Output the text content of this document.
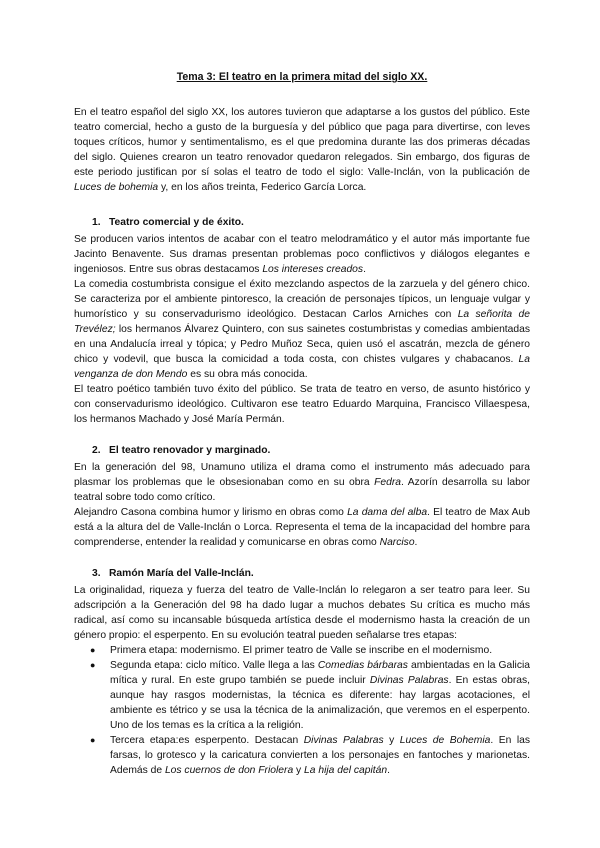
Tema 3: El teatro en la primera mitad del siglo XX.

En el teatro español del siglo XX, los autores tuvieron que adaptarse a los gustos del público. Este teatro comercial, hecho a gusto de la burguesía y del público que paga para divertirse, con leves toques críticos, humor y sentimentalismo, es el que predomina durante las dos primeras décadas del siglo. Quienes crearon un teatro renovador quedaron relegados. Sin embargo, dos figuras de este periodo justifican por sí solas el teatro de todo el siglo: Valle-Inclán, von la publicación de Luces de bohemia y, en los años treinta, Federico García Lorca.

1. Teatro comercial y de éxito.

Se producen varios intentos de acabar con el teatro melodramático y el autor más importante fue Jacinto Benavente. Sus dramas presentan problemas poco conflictivos y diálogos elegantes e ingeniosos. Entre sus obras destacamos Los intereses creados.

La comedia costumbrista consigue el éxito mezclando aspectos de la zarzuela y del género chico. Se caracteriza por el ambiente pintoresco, la creación de personajes típicos, un lenguaje vulgar y humorístico y su conservadurismo ideológico. Destacan Carlos Arniches con La señorita de Trevélez; los hermanos Álvarez Quintero, con sus sainetes costumbristas y comedias ambientadas en una Andalucía irreal y tópica; y Pedro Muñoz Seca, quien usó el ascatrán, mezcla de género chico y vodevil, que busca la comicidad a toda costa, con chistes vulgares y chabacanos. La venganza de don Mendo es su obra más conocida.

El teatro poético también tuvo éxito del público. Se trata de teatro en verso, de asunto histórico y con conservadurismo ideológico. Cultivaron ese teatro Eduardo Marquina, Francisco Villaespesa, los hermanos Machado y José María Permán.

2. El teatro renovador y marginado.

En la generación del 98, Unamuno utiliza el drama como el instrumento más adecuado para plasmar los problemas que le obsesionaban como en su obra Fedra. Azorín desarrolla su labor teatral sobre todo como crítico.

Alejandro Casona combina humor y lirismo en obras como La dama del alba. El teatro de Max Aub está a la altura del de Valle-Inclán o Lorca. Representa el tema de la incapacidad del hombre para comprenderse, entender la realidad y comunicarse en obras como Narciso.

3. Ramón María del Valle-Inclán.

La originalidad, riqueza y fuerza del teatro de Valle-Inclán lo relegaron a ser teatro para leer. Su adscripción a la Generación del 98 ha dado lugar a muchos debates Su crítica es mucho más radical, así como su incansable búsqueda artística desde el modernismo hasta la creación de un género propio: el esperpento. En su evolución teatral pueden señalarse tres etapas:

● Primera etapa: modernismo. El primer teatro de Valle se inscribe en el modernismo.
● Segunda etapa: ciclo mítico. Valle llega a las Comedias bárbaras ambientadas en la Galicia mítica y rural. En este grupo también se puede incluir Divinas Palabras. En estas obras, aunque hay rasgos modernistas, la técnica es diferente: hay largas acotaciones, el ambiente es tétrico y se usa la técnica de la animalización, que veremos en el esperpento. Uno de los temas es la crítica a la religión.
● Tercera etapa:es esperpento. Destacan Divinas Palabras y Luces de Bohemia. En las farsas, lo grotesco y la caricatura convierten a los personajes en fantoches y marionetas. Además de Los cuernos de don Friolera y La hija del capitán.
